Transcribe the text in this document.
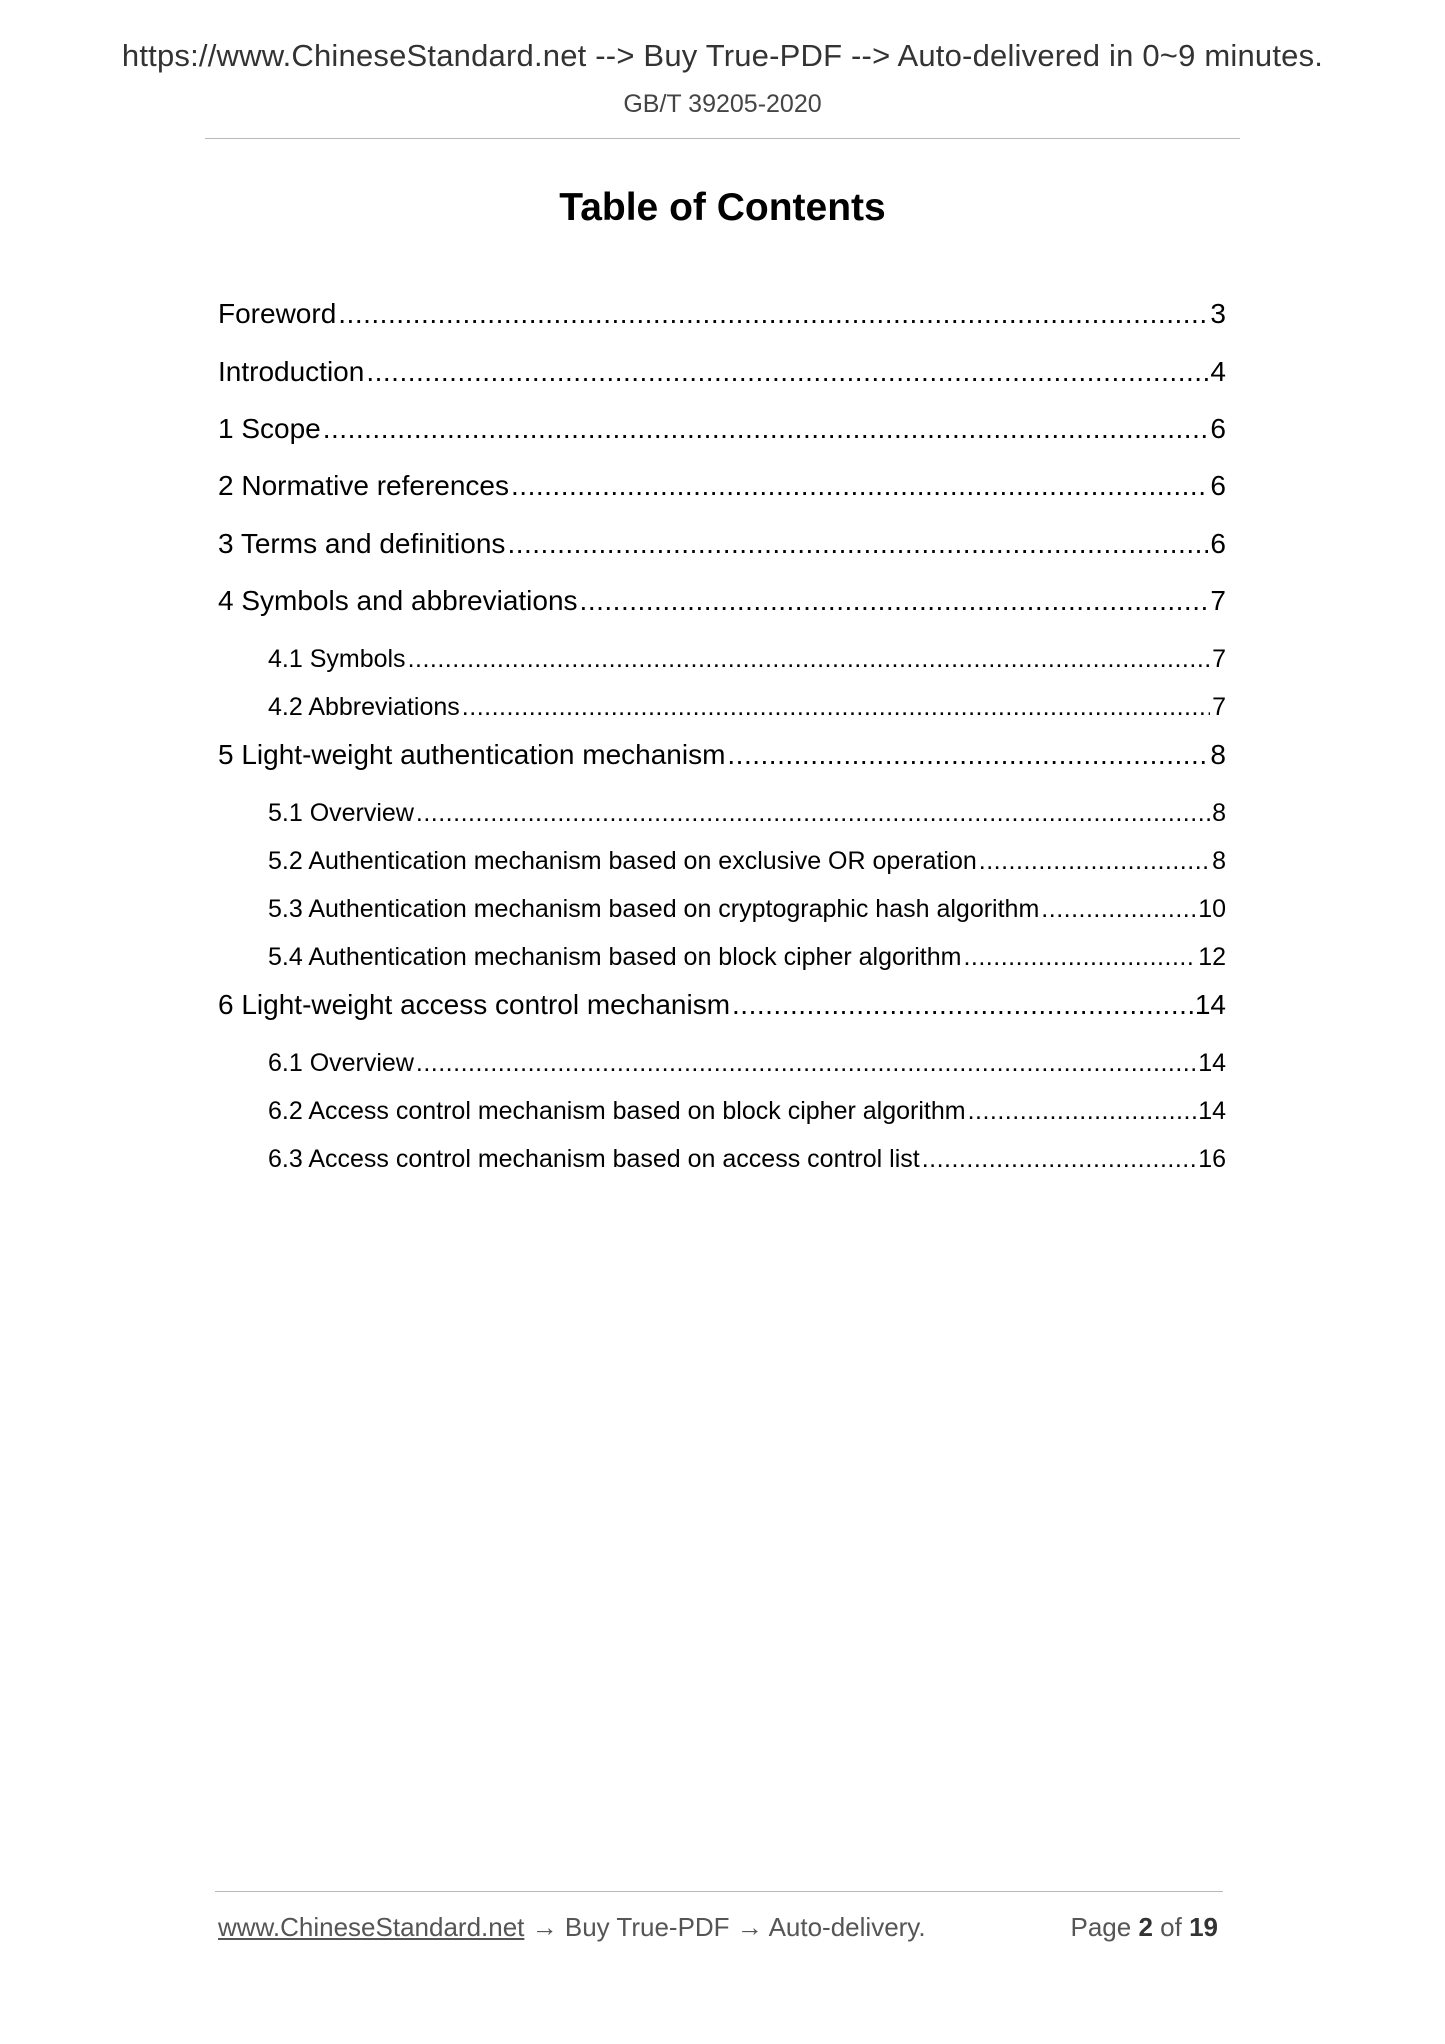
https://www.ChineseStandard.net --> Buy True-PDF --> Auto-delivered in 0~9 minutes.
GB/T 39205-2020
Table of Contents
Foreword .....	3
Introduction .....	4
1 Scope .....	6
2 Normative references .....	6
3 Terms and definitions .....	6
4 Symbols and abbreviations .....	7
4.1 Symbols .....	7
4.2 Abbreviations .....	7
5 Light-weight authentication mechanism .....	8
5.1 Overview .....	8
5.2 Authentication mechanism based on exclusive OR operation .....	8
5.3 Authentication mechanism based on cryptographic hash algorithm .....	10
5.4 Authentication mechanism based on block cipher algorithm .....	12
6 Light-weight access control mechanism .....	14
6.1 Overview .....	14
6.2 Access control mechanism based on block cipher algorithm .....	14
6.3 Access control mechanism based on access control list .....	16
www.ChineseStandard.net → Buy True-PDF → Auto-delivery.	Page 2 of 19
